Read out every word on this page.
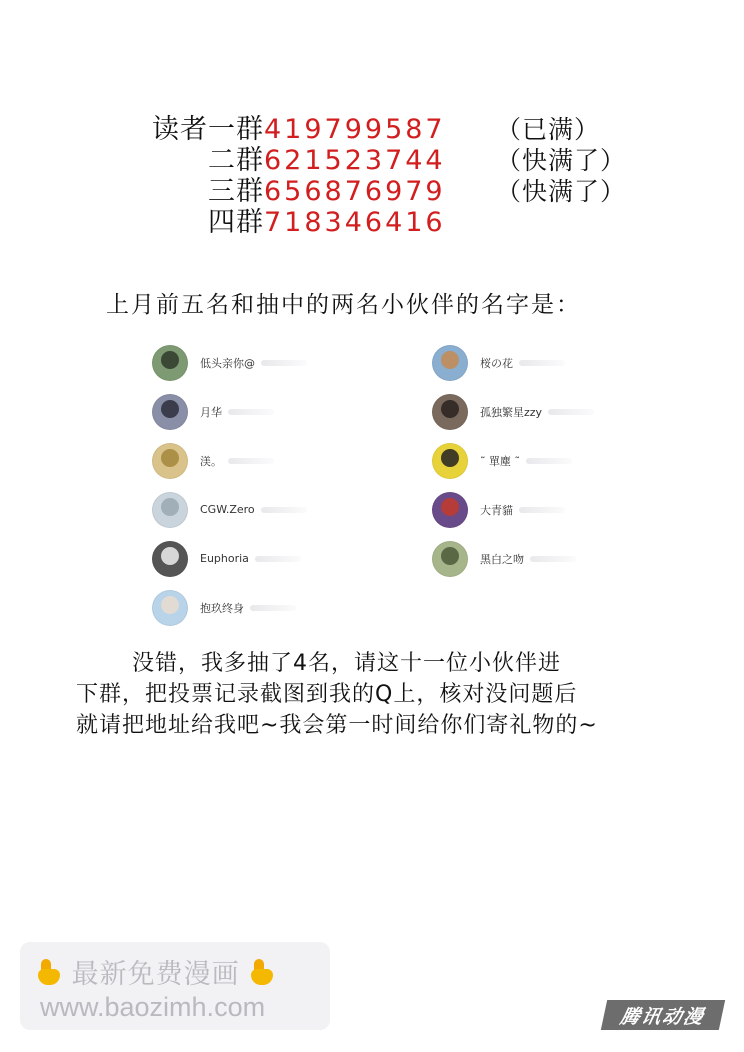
读者一群 419799587	（已满）
二群 621523744	（快满了）
三群 656876979	（快满了）
四群 718346416
上月前五名和抽中的两名小伙伴的名字是：
低头亲你@
月华
渼。
CGW.Zero
Euphoria
抱玖终身
桜の花
孤独繁星zzy
˜ 單塵 ˜
大青貓
黑白之吻
没错，我多抽了4名，请这十一位小伙伴进
下群，把投票记录截图到我的Q上，核对没问题后
就请把地址给我吧~我会第一时间给你们寄礼物的~
最新免费漫画
www.baozimh.com	腾讯动漫
